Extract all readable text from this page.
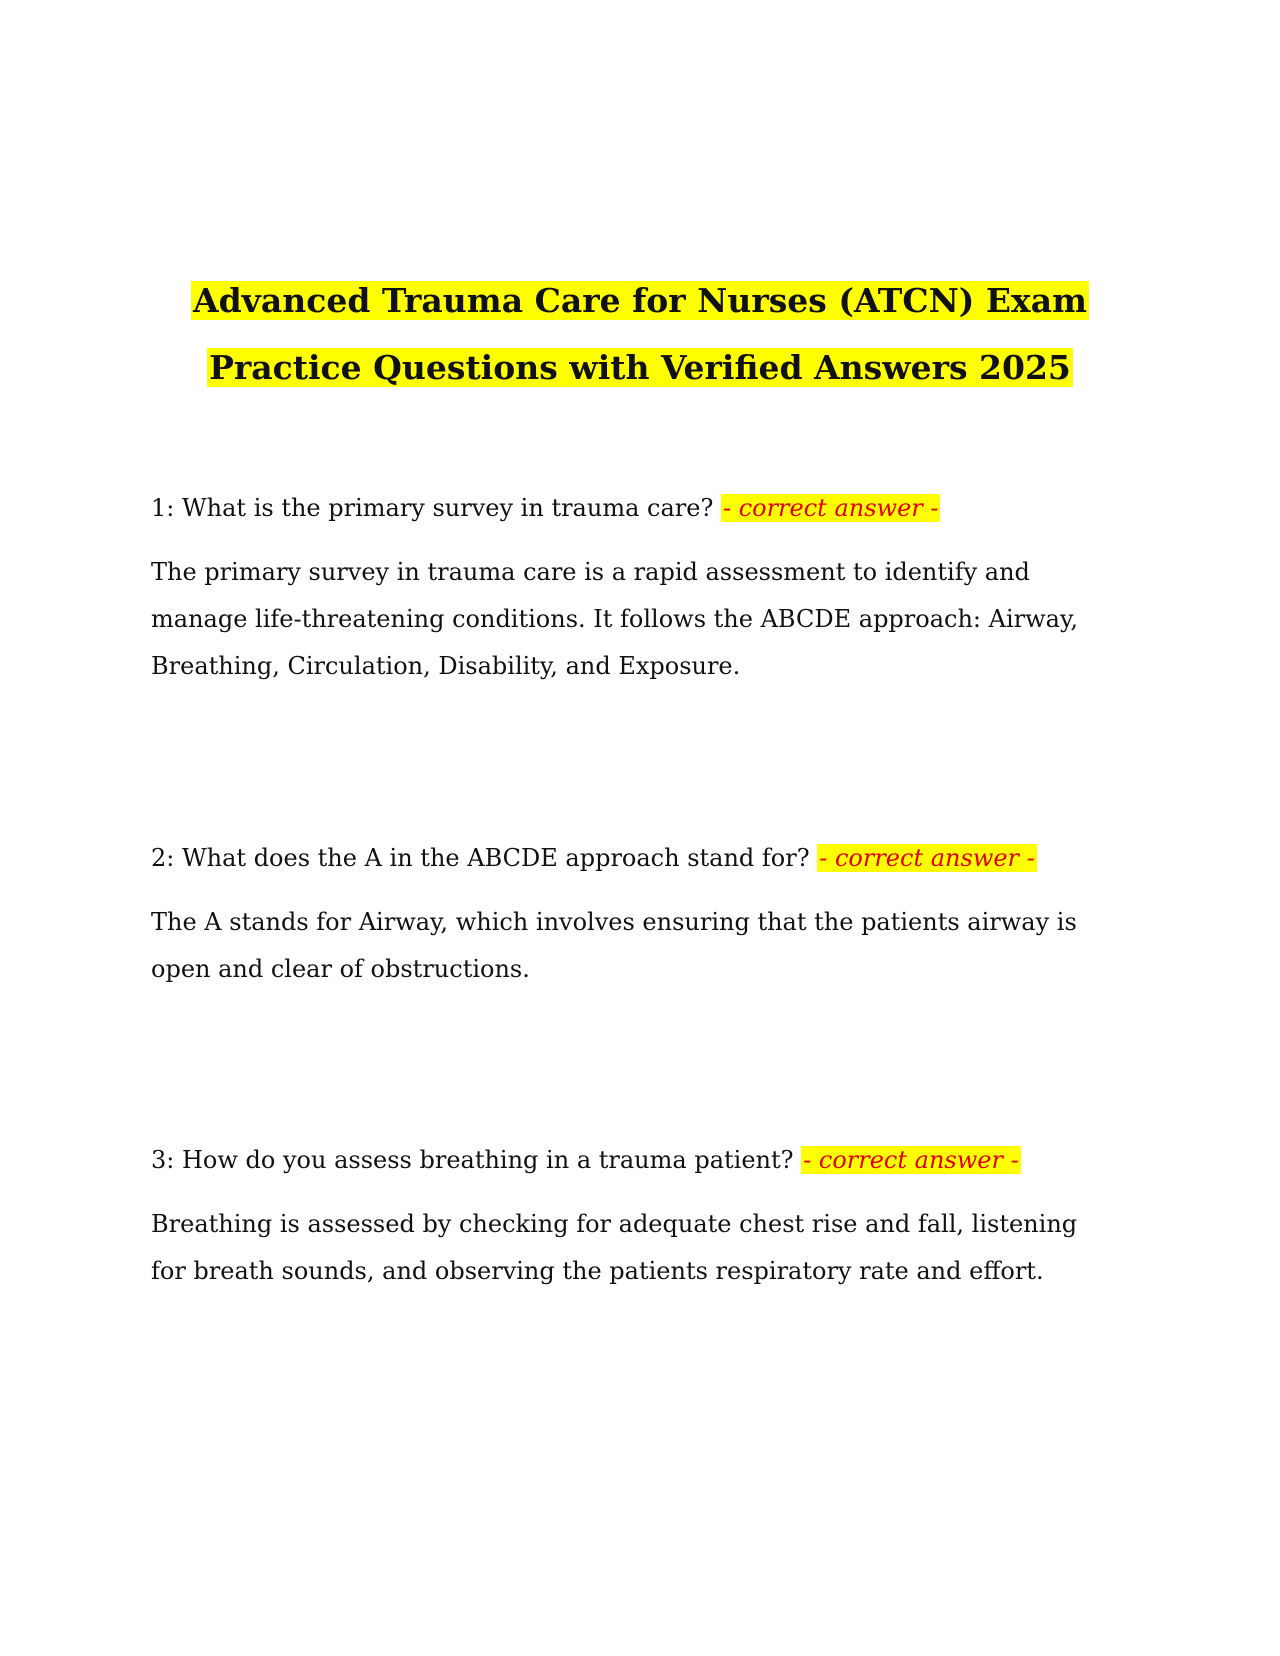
Advanced Trauma Care for Nurses (ATCN) Exam
Practice Questions with Verified Answers 2025

1: What is the primary survey in trauma care? - correct answer -

The primary survey in trauma care is a rapid assessment to identify and
manage life-threatening conditions. It follows the ABCDE approach: Airway,
Breathing, Circulation, Disability, and Exposure.

2: What does the A in the ABCDE approach stand for? - correct answer -

The A stands for Airway, which involves ensuring that the patients airway is
open and clear of obstructions.

3: How do you assess breathing in a trauma patient? - correct answer -

Breathing is assessed by checking for adequate chest rise and fall, listening
for breath sounds, and observing the patients respiratory rate and effort.
